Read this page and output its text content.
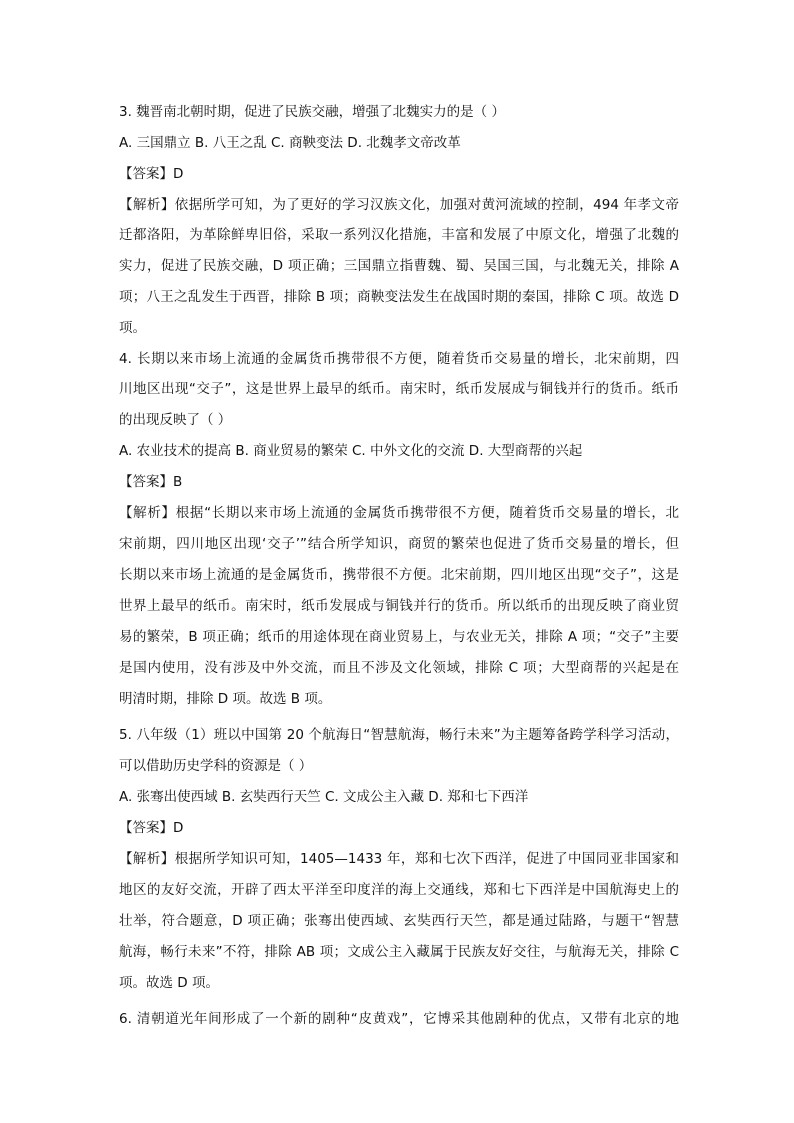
3. 魏晋南北朝时期，促进了民族交融，增强了北魏实力的是（ ）
A. 三国鼎立 B. 八王之乱 C. 商鞅变法 D. 北魏孝文帝改革
【答案】D
【解析】依据所学可知，为了更好的学习汉族文化，加强对黄河流域的控制，494 年孝文帝
迁都洛阳，为革除鲜卑旧俗，采取一系列汉化措施，丰富和发展了中原文化，增强了北魏的
实力，促进了民族交融，D 项正确；三国鼎立指曹魏、蜀、吴国三国，与北魏无关，排除 A
项；八王之乱发生于西晋，排除 B 项；商鞅变法发生在战国时期的秦国，排除 C 项。故选 D
项。
4. 长期以来市场上流通的金属货币携带很不方便，随着货币交易量的增长，北宋前期，四
川地区出现“交子”，这是世界上最早的纸币。南宋时，纸币发展成与铜钱并行的货币。纸币
的出现反映了（ ）
A. 农业技术的提高 B. 商业贸易的繁荣 C. 中外文化的交流 D. 大型商帮的兴起
【答案】B
【解析】根据“长期以来市场上流通的金属货币携带很不方便，随着货币交易量的增长，北
宋前期，四川地区出现‘交子’”结合所学知识，商贸的繁荣也促进了货币交易量的增长，但
长期以来市场上流通的是金属货币，携带很不方便。北宋前期，四川地区出现“交子”，这是
世界上最早的纸币。南宋时，纸币发展成与铜钱并行的货币。所以纸币的出现反映了商业贸
易的繁荣，B 项正确；纸币的用途体现在商业贸易上，与农业无关，排除 A 项；“交子”主要
是国内使用，没有涉及中外交流，而且不涉及文化领域，排除 C 项；大型商帮的兴起是在
明清时期，排除 D 项。故选 B 项。
5. 八年级（1）班以中国第 20 个航海日“智慧航海，畅行未来”为主题筹备跨学科学习活动，
可以借助历史学科的资源是（ ）
A. 张骞出使西域 B. 玄奘西行天竺 C. 文成公主入藏 D. 郑和七下西洋
【答案】D
【解析】根据所学知识可知，1405—1433 年，郑和七次下西洋，促进了中国同亚非国家和
地区的友好交流，开辟了西太平洋至印度洋的海上交通线，郑和七下西洋是中国航海史上的
壮举，符合题意，D 项正确；张骞出使西域、玄奘西行天竺，都是通过陆路，与题干“智慧
航海，畅行未来”不符，排除 AB 项；文成公主入藏属于民族友好交往，与航海无关，排除 C
项。故选 D 项。
6. 清朝道光年间形成了一个新的剧种“皮黄戏”，它博采其他剧种的优点，又带有北京的地
